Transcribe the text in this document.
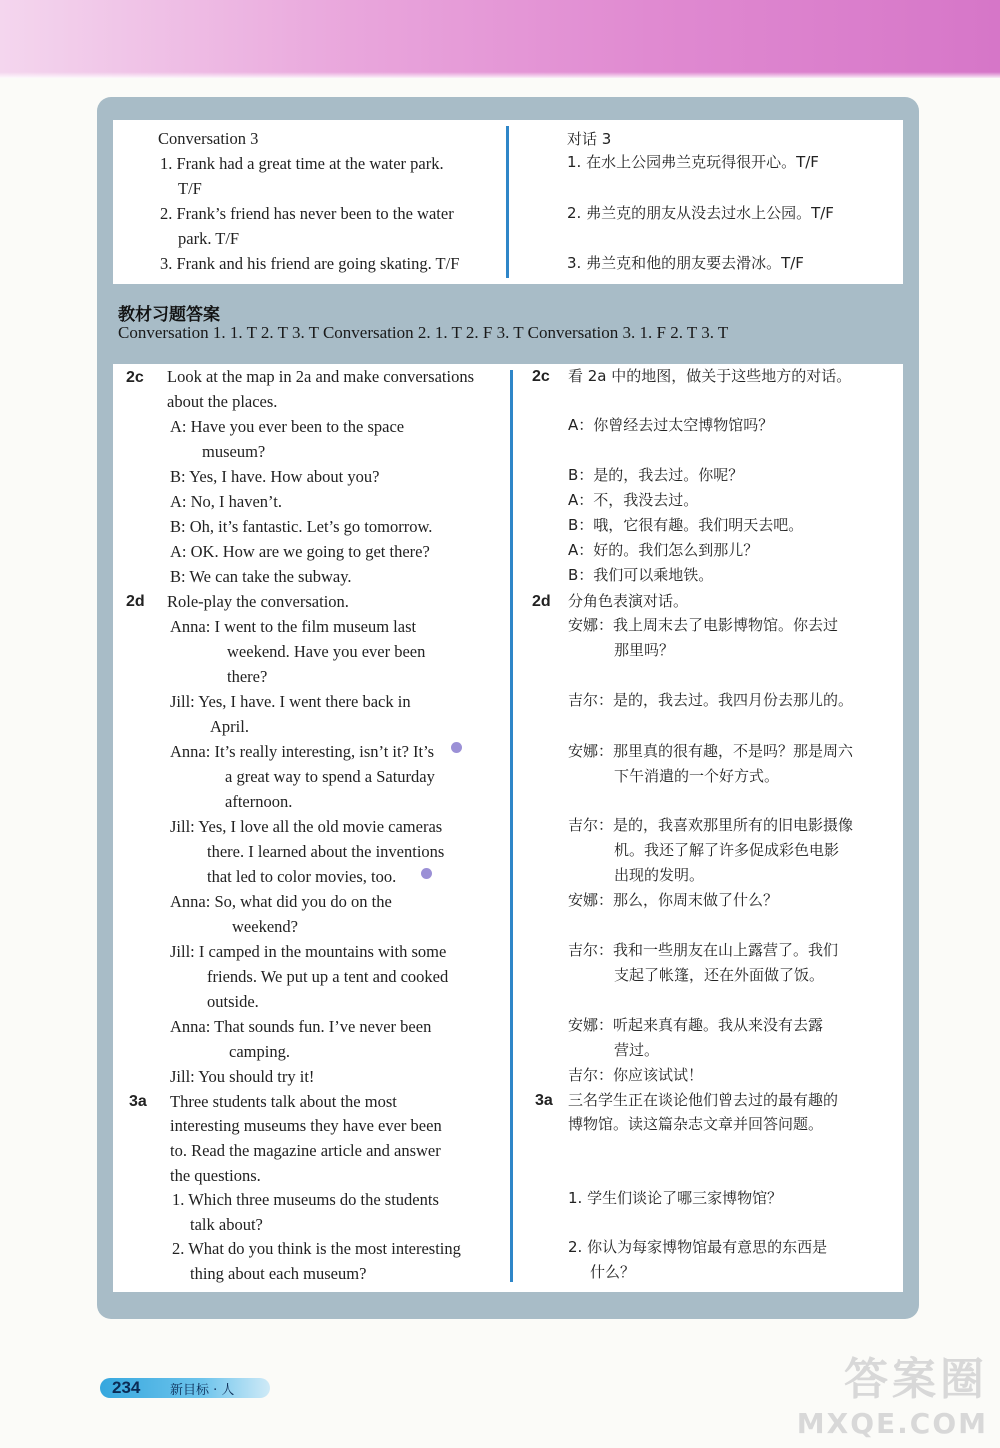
Conversation 3
1. Frank had a great time at the water park.
T/F
2. Frank’s friend has never been to the water
park. T/F
3. Frank and his friend are going skating. T/F
对话 3
1. 在水上公园弗兰克玩得很开心。T/F
2. 弗兰克的朋友从没去过水上公园。T/F
3. 弗兰克和他的朋友要去滑冰。T/F
教材习题答案
Conversation 1. 1. T 2. T 3. T Conversation 2. 1. T 2. F 3. T Conversation 3. 1. F 2. T 3. T
2c Look at the map in 2a and make conversations
about the places.
A: Have you ever been to the space
museum?
B: Yes, I have. How about you?
A: No, I haven’t.
B: Oh, it’s fantastic. Let’s go tomorrow.
A: OK. How are we going to get there?
B: We can take the subway.
2d Role-play the conversation.
Anna: I went to the film museum last
weekend. Have you ever been
there?
Jill: Yes, I have. I went there back in
April.
Anna: It’s really interesting, isn’t it? It’s
a great way to spend a Saturday
afternoon.
Jill: Yes, I love all the old movie cameras
there. I learned about the inventions
that led to color movies, too.
Anna: So, what did you do on the
weekend?
Jill: I camped in the mountains with some
friends. We put up a tent and cooked
outside.
Anna: That sounds fun. I’ve never been
camping.
Jill: You should try it!
3a Three students talk about the most
interesting museums they have ever been
to. Read the magazine article and answer
the questions.
1. Which three museums do the students
talk about?
2. What do you think is the most interesting
thing about each museum?
2c 看 2a 中的地图，做关于这些地方的对话。
A：你曾经去过太空博物馆吗？
B：是的，我去过。你呢？
A：不，我没去过。
B：哦，它很有趣。我们明天去吧。
A：好的。我们怎么到那儿？
B：我们可以乘地铁。
2d 分角色表演对话。
安娜：我上周末去了电影博物馆。你去过
那里吗？
吉尔：是的，我去过。我四月份去那儿的。
安娜：那里真的很有趣，不是吗？那是周六
下午消遣的一个好方式。
吉尔：是的，我喜欢那里所有的旧电影摄像
机。我还了解了许多促成彩色电影
出现的发明。
安娜：那么，你周末做了什么？
吉尔：我和一些朋友在山上露营了。我们
支起了帐篷，还在外面做了饭。
安娜：听起来真有趣。我从来没有去露
营过。
吉尔：你应该试试！
3a 三名学生正在谈论他们曾去过的最有趣的
博物馆。读这篇杂志文章并回答问题。
1. 学生们谈论了哪三家博物馆？
2. 你认为每家博物馆最有意思的东西是
什么？
234 新目标 · 人	答案圈
MXQE.COM
